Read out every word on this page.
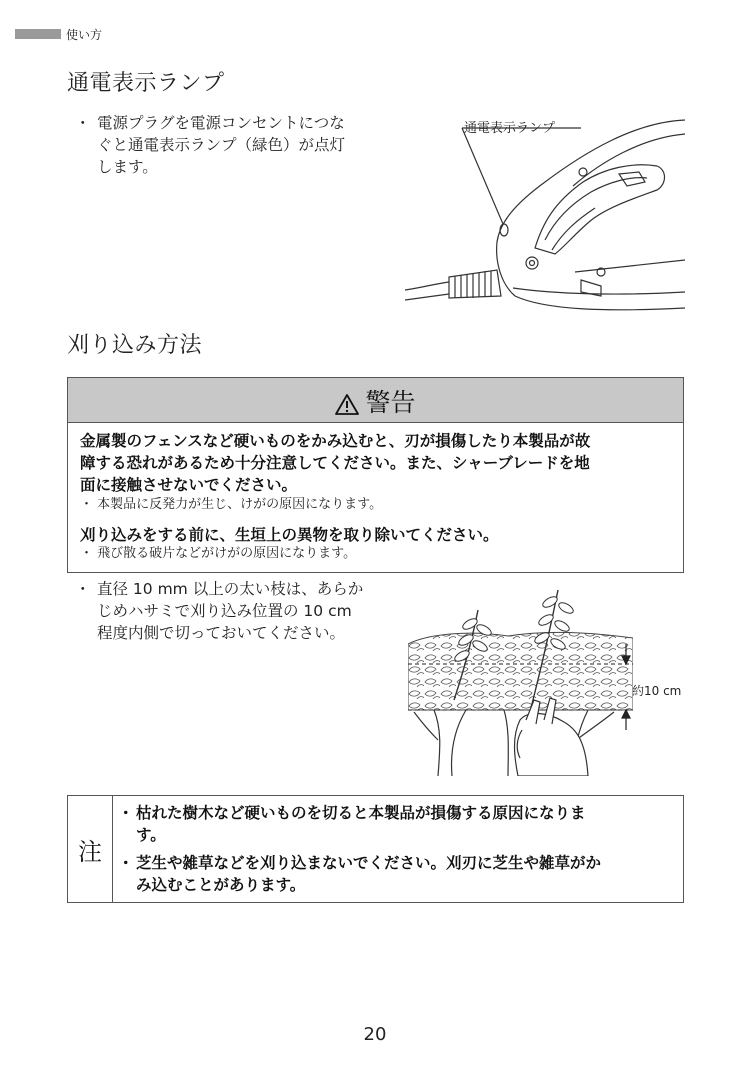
使い方
通電表示ランプ
・ 電源プラグを電源コンセントにつな
ぐと通電表示ランプ（緑色）が点灯
します。
通電表示ランプ
刈り込み方法
警告
金属製のフェンスなど硬いものをかみ込むと、刃が損傷したり本製品が故
障する恐れがあるため十分注意してください。また、シャーブレードを地
面に接触させないでください。
・ 本製品に反発力が生じ、けがの原因になります。
刈り込みをする前に、生垣上の異物を取り除いてください。
・ 飛び散る破片などがけがの原因になります。
・ 直径 10 mm 以上の太い枝は、あらか
じめハサミで刈り込み位置の 10 cm
程度内側で切っておいてください。
約10 cm
注
・ 枯れた樹木など硬いものを切ると本製品が損傷する原因になりま
す。
・ 芝生や雑草などを刈り込まないでください。刈刃に芝生や雑草がか
み込むことがあります。
20
